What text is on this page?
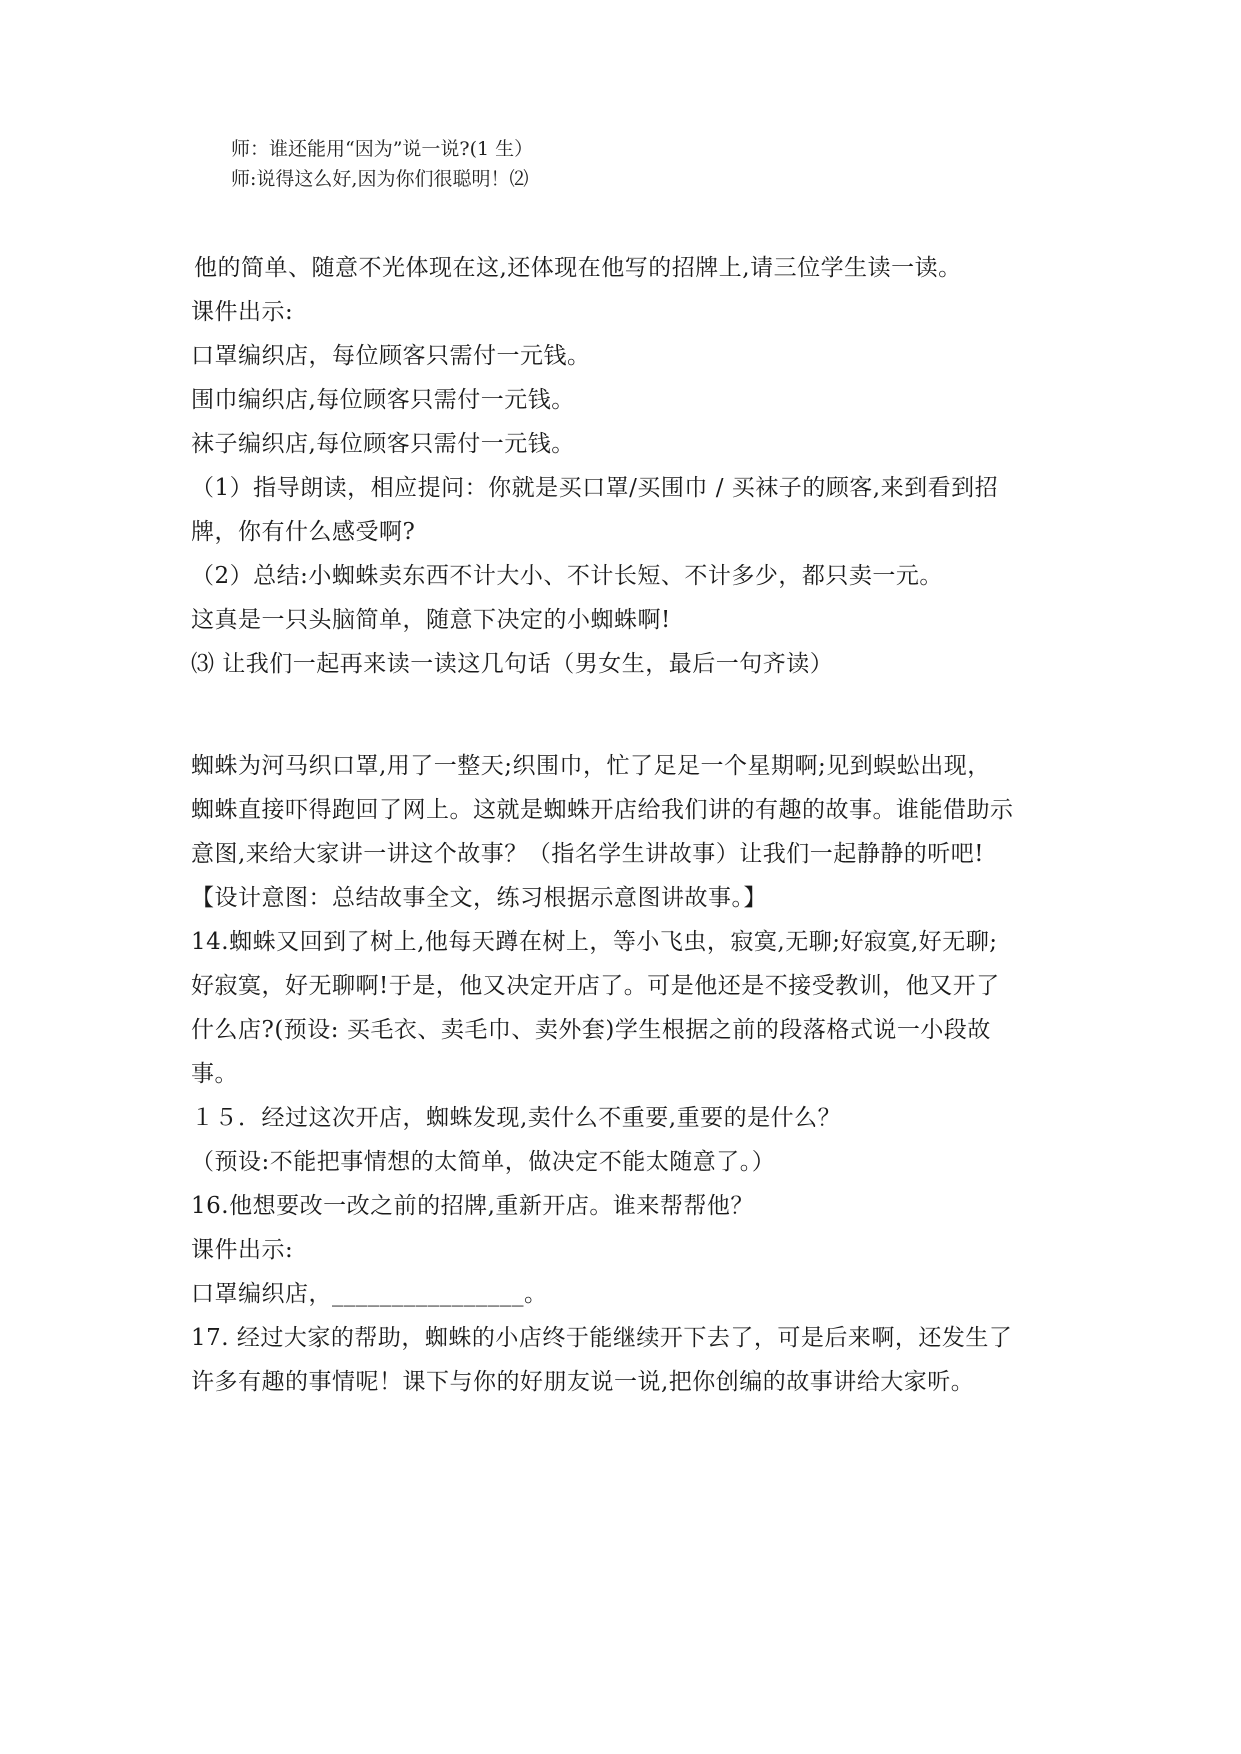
师：谁还能用“因为”说一说?(1 生）
师:说得这么好,因为你们很聪明！⑵
他的简单、随意不光体现在这,还体现在他写的招牌上,请三位学生读一读。
课件出示:
口罩编织店，每位顾客只需付一元钱。
围巾编织店,每位顾客只需付一元钱。
袜子编织店,每位顾客只需付一元钱。
（1）指导朗读，相应提问：你就是买口罩/买围巾 / 买袜子的顾客,来到看到招
牌，你有什么感受啊?
（2）总结:小蜘蛛卖东西不计大小、不计长短、不计多少，都只卖一元。
这真是一只头脑简单，随意下决定的小蜘蛛啊!
⑶ 让我们一起再来读一读这几句话（男女生，最后一句齐读）
蜘蛛为河马织口罩,用了一整天;织围巾，忙了足足一个星期啊;见到蜈蚣出现，
蜘蛛直接吓得跑回了网上。这就是蜘蛛开店给我们讲的有趣的故事。谁能借助示
意图,来给大家讲一讲这个故事？（指名学生讲故事）让我们一起静静的听吧!
【设计意图：总结故事全文，练习根据示意图讲故事。】
14.蜘蛛又回到了树上,他每天蹲在树上，等小飞虫，寂寞,无聊;好寂寞,好无聊;
好寂寞，好无聊啊!于是，他又决定开店了。可是他还是不接受教训，他又开了
什么店?(预设: 买毛衣、卖毛巾、卖外套)学生根据之前的段落格式说一小段故
事。
１５．经过这次开店，蜘蛛发现,卖什么不重要,重要的是什么？
（预设:不能把事情想的太简单，做决定不能太随意了。）
16.他想要改一改之前的招牌,重新开店。谁来帮帮他？
课件出示:
口罩编织店，________________。
17. 经过大家的帮助，蜘蛛的小店终于能继续开下去了，可是后来啊，还发生了
许多有趣的事情呢！课下与你的好朋友说一说,把你创编的故事讲给大家听。
